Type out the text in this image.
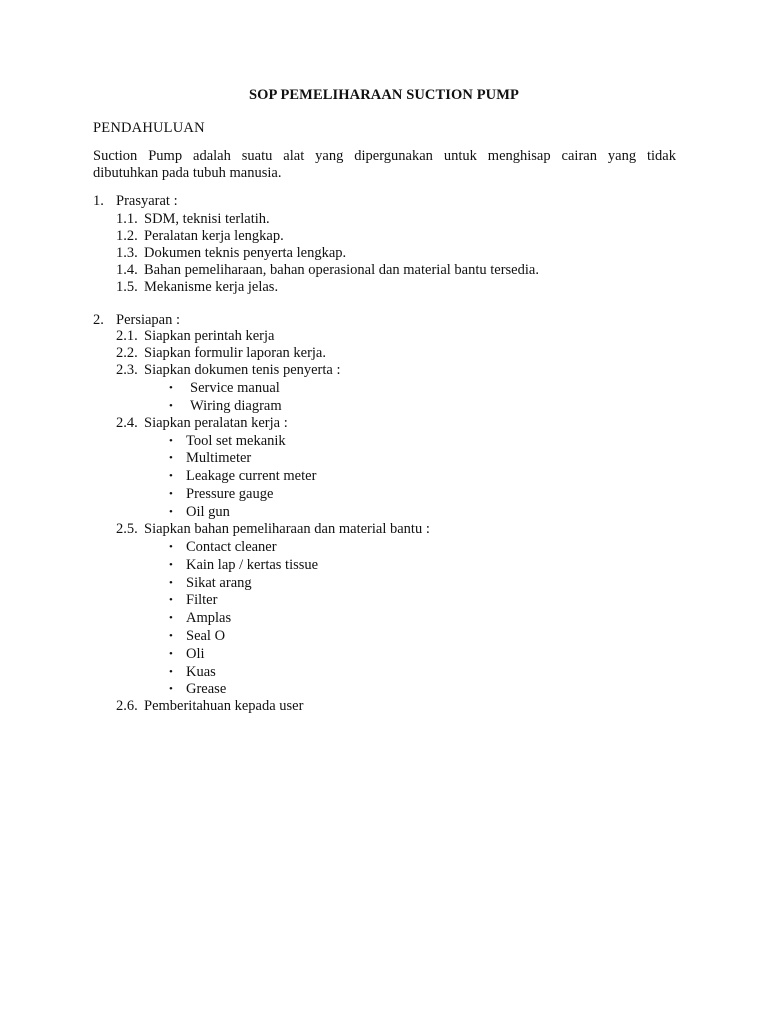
SOP PEMELIHARAAN SUCTION PUMP
PENDAHULUAN
Suction Pump adalah suatu alat yang dipergunakan untuk menghisap cairan yang tidak
dibutuhkan pada tubuh manusia.
1. Prasyarat :
1.1. SDM, teknisi terlatih.
1.2. Peralatan kerja lengkap.
1.3. Dokumen teknis penyerta lengkap.
1.4. Bahan pemeliharaan, bahan operasional dan material bantu tersedia.
1.5. Mekanisme kerja jelas.
2. Persiapan :
2.1. Siapkan perintah kerja
2.2. Siapkan formulir laporan kerja.
2.3. Siapkan dokumen tenis penyerta :
• Service manual
• Wiring diagram
2.4. Siapkan peralatan kerja :
• Tool set mekanik
• Multimeter
• Leakage current meter
• Pressure gauge
• Oil gun
2.5. Siapkan bahan pemeliharaan dan material bantu :
• Contact cleaner
• Kain lap / kertas tissue
• Sikat arang
• Filter
• Amplas
• Seal O
• Oli
• Kuas
• Grease
2.6. Pemberitahuan kepada user
